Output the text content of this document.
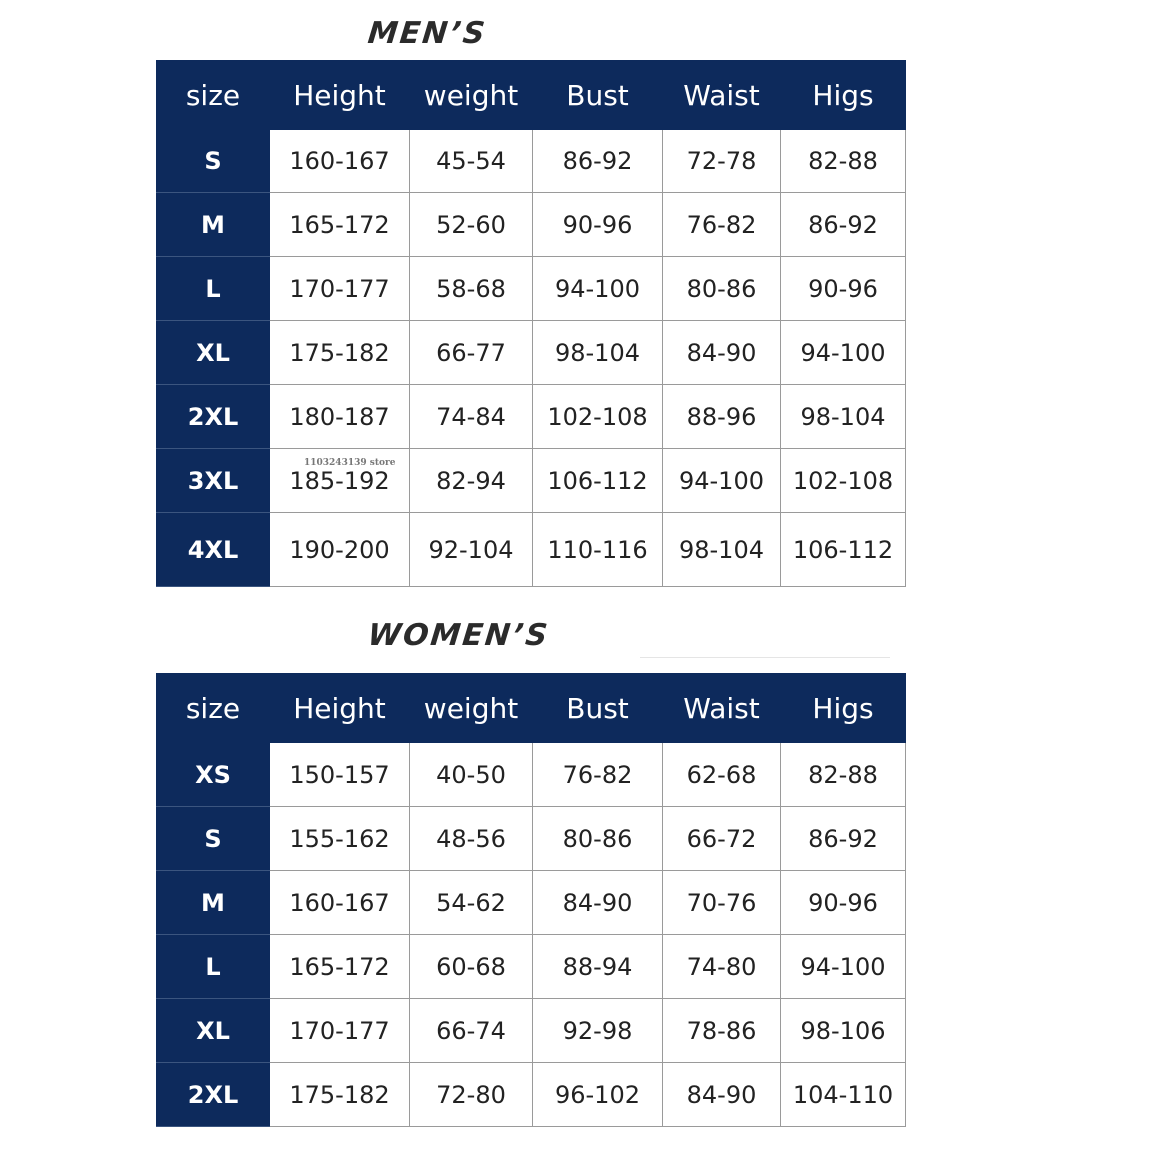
MEN’S
size	Height	weight	Bust	Waist	Higs
S	160-167	45-54	86-92	72-78	82-88
M	165-172	52-60	90-96	76-82	86-92
L	170-177	58-68	94-100	80-86	90-96
XL	175-182	66-77	98-104	84-90	94-100
2XL	180-187	74-84	102-108	88-96	98-104
3XL	185-192	82-94	106-112	94-100	102-108
4XL	190-200	92-104	110-116	98-104	106-112
1103243139 store
WOMEN’S
size	Height	weight	Bust	Waist	Higs
XS	150-157	40-50	76-82	62-68	82-88
S	155-162	48-56	80-86	66-72	86-92
M	160-167	54-62	84-90	70-76	90-96
L	165-172	60-68	88-94	74-80	94-100
XL	170-177	66-74	92-98	78-86	98-106
2XL	175-182	72-80	96-102	84-90	104-110
